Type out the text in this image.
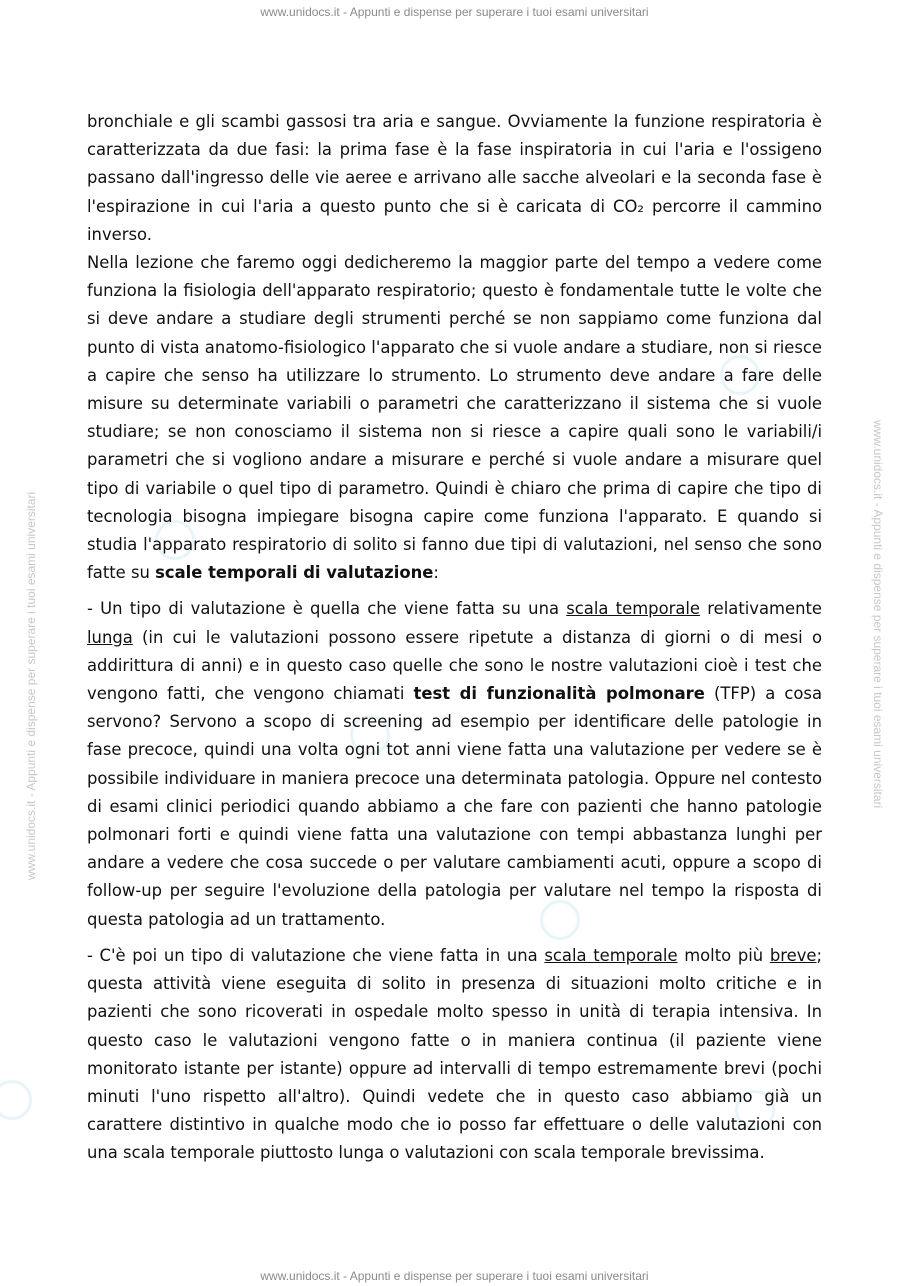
www.unidocs.it - Appunti e dispense per superare i tuoi esami universitari
www.unidocs.it - Appunti e dispense per superare i tuoi esami universitari	www.unidocs.it - Appunti e dispense per superare i tuoi esami universitari

bronchiale e gli scambi gassosi tra aria e sangue. Ovviamente la funzione respiratoria è caratterizzata da due fasi: la prima fase è la fase inspiratoria in cui l'aria e l'ossigeno passano dall'ingresso delle vie aeree e arrivano alle sacche alveolari e la seconda fase è l'espirazione in cui l'aria a questo punto che si è caricata di CO₂ percorre il cammino inverso.

Nella lezione che faremo oggi dedicheremo la maggior parte del tempo a vedere come funziona la fisiologia dell'apparato respiratorio; questo è fondamentale tutte le volte che si deve andare a studiare degli strumenti perché se non sappiamo come funziona dal punto di vista anatomo-fisiologico l'apparato che si vuole andare a studiare, non si riesce a capire che senso ha utilizzare lo strumento. Lo strumento deve andare a fare delle misure su determinate variabili o parametri che caratterizzano il sistema che si vuole studiare; se non conosciamo il sistema non si riesce a capire quali sono le variabili/i parametri che si vogliono andare a misurare e perché si vuole andare a misurare quel tipo di variabile o quel tipo di parametro. Quindi è chiaro che prima di capire che tipo di tecnologia bisogna impiegare bisogna capire come funziona l'apparato. E quando si studia l'apparato respiratorio di solito si fanno due tipi di valutazioni, nel senso che sono fatte su scale temporali di valutazione:

- Un tipo di valutazione è quella che viene fatta su una scala temporale relativamente lunga (in cui le valutazioni possono essere ripetute a distanza di giorni o di mesi o addirittura di anni) e in questo caso quelle che sono le nostre valutazioni cioè i test che vengono fatti, che vengono chiamati test di funzionalità polmonare (TFP) a cosa servono? Servono a scopo di screening ad esempio per identificare delle patologie in fase precoce, quindi una volta ogni tot anni viene fatta una valutazione per vedere se è possibile individuare in maniera precoce una determinata patologia. Oppure nel contesto di esami clinici periodici quando abbiamo a che fare con pazienti che hanno patologie polmonari forti e quindi viene fatta una valutazione con tempi abbastanza lunghi per andare a vedere che cosa succede o per valutare cambiamenti acuti, oppure a scopo di follow-up per seguire l'evoluzione della patologia per valutare nel tempo la risposta di questa patologia ad un trattamento.

- C'è poi un tipo di valutazione che viene fatta in una scala temporale molto più breve; questa attività viene eseguita di solito in presenza di situazioni molto critiche e in pazienti che sono ricoverati in ospedale molto spesso in unità di terapia intensiva. In questo caso le valutazioni vengono fatte o in maniera continua (il paziente viene monitorato istante per istante) oppure ad intervalli di tempo estremamente brevi (pochi minuti l'uno rispetto all'altro). Quindi vedete che in questo caso abbiamo già un carattere distintivo in qualche modo che io posso far effettuare o delle valutazioni con una scala temporale piuttosto lunga o valutazioni con scala temporale brevissima.

www.unidocs.it - Appunti e dispense per superare i tuoi esami universitari
